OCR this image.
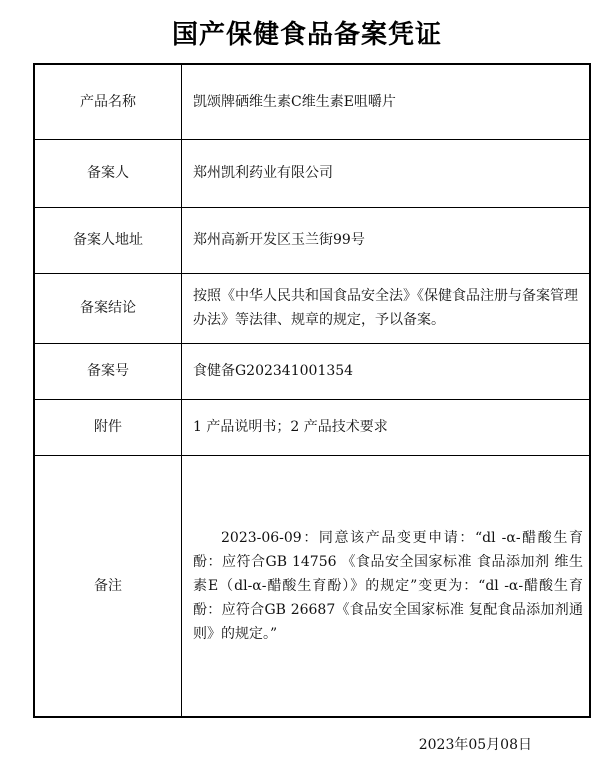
国产保健食品备案凭证
产品名称	凯颂牌硒维生素C维生素E咀嚼片
备案人	郑州凯利药业有限公司
备案人地址	郑州高新开发区玉兰街99号
备案结论	按照《中华人民共和国食品安全法》《保健食品注册与备案管理办法》等法律、规章的规定，予以备案。
备案号	食健备G202341001354
附件	1 产品说明书；2 产品技术要求
备注	2023-06-09：同意该产品变更申请：“dl -α-醋酸生育酚：应符合GB 14756 《食品安全国家标准 食品添加剂 维生素E（dl-α-醋酸生育酚）》的规定”变更为：“dl -α-醋酸生育酚：应符合GB 26687《食品安全国家标准 复配食品添加剂通则》的规定。”
2023年05月08日
